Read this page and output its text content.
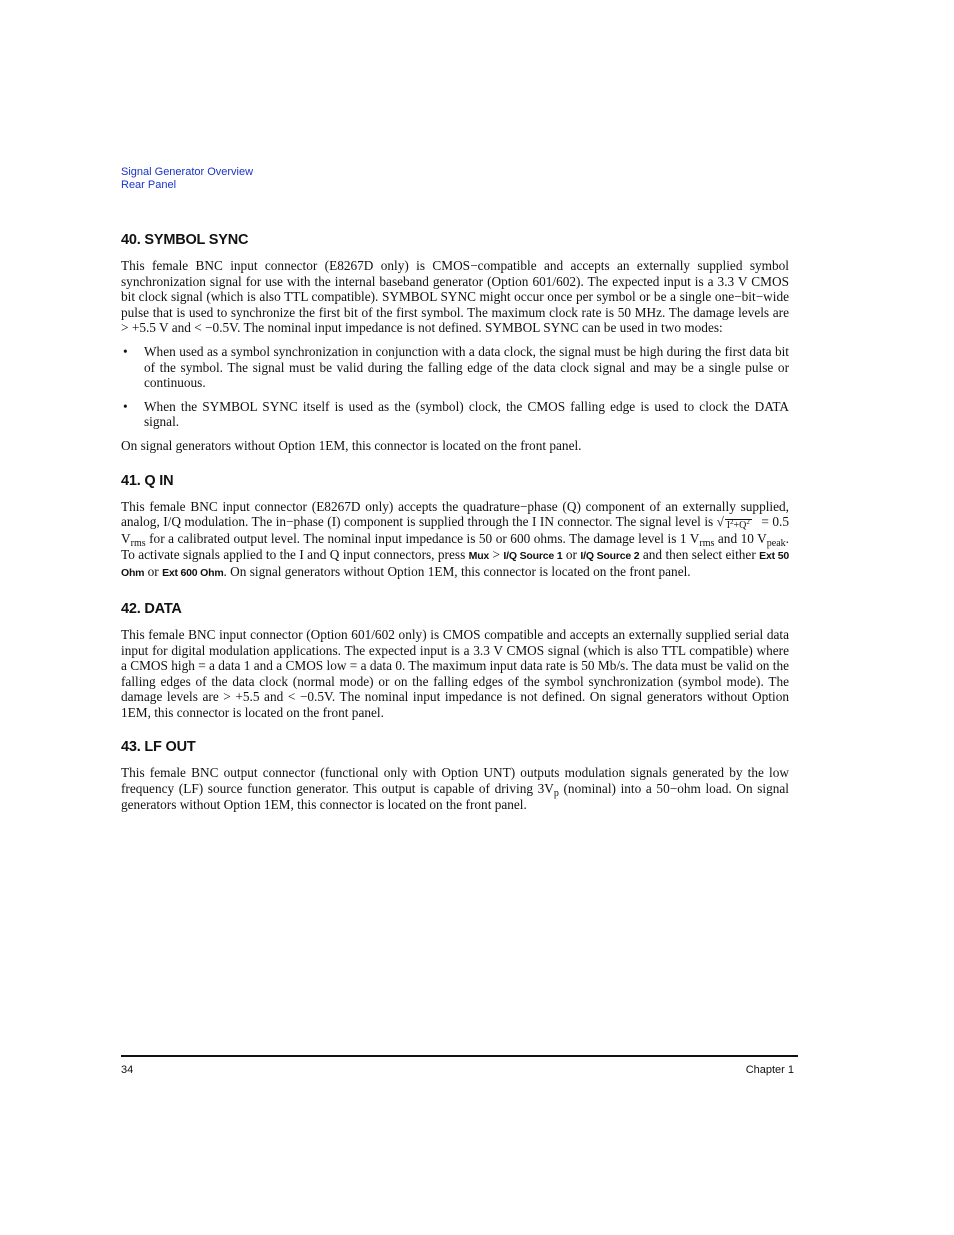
Signal Generator Overview
Rear Panel
40. SYMBOL SYNC

This female BNC input connector (E8267D only) is CMOS−compatible and accepts an externally supplied symbol synchronization signal for use with the internal baseband generator (Option 601/602). The expected input is a 3.3 V CMOS bit clock signal (which is also TTL compatible). SYMBOL SYNC might occur once per symbol or be a single one−bit−wide pulse that is used to synchronize the first bit of the first symbol. The maximum clock rate is 50 MHz. The damage levels are > +5.5 V and < −0.5V. The nominal input impedance is not defined. SYMBOL SYNC can be used in two modes:

• When used as a symbol synchronization in conjunction with a data clock, the signal must be high during the first data bit of the symbol. The signal must be valid during the falling edge of the data clock signal and may be a single pulse or continuous.
• When the SYMBOL SYNC itself is used as the (symbol) clock, the CMOS falling edge is used to clock the DATA signal.

On signal generators without Option 1EM, this connector is located on the front panel.

41. Q IN

This female BNC input connector (E8267D only) accepts the quadrature−phase (Q) component of an externally supplied, analog, I/Q modulation. The in−phase (I) component is supplied through the I IN connector. The signal level is √ $I^2+Q^2 = 0.5$ $V_{rms}$ for a calibrated output level. The nominal input impedance is 50 or 600 ohms. The damage level is 1 $V_{rms}$ and 10 $V_{peak}$. To activate signals applied to the I and Q input connectors, press Mux > I/Q Source 1 or I/Q Source 2 and then select either Ext 50 Ohm or Ext 600 Ohm. On signal generators without Option 1EM, this connector is located on the front panel.

42. DATA

This female BNC input connector (Option 601/602 only) is CMOS compatible and accepts an externally supplied serial data input for digital modulation applications. The expected input is a 3.3 V CMOS signal (which is also TTL compatible) where a CMOS high = a data 1 and a CMOS low = a data 0. The maximum input data rate is 50 Mb/s. The data must be valid on the falling edges of the data clock (normal mode) or on the falling edges of the symbol synchronization (symbol mode). The damage levels are > +5.5 and < −0.5V. The nominal input impedance is not defined. On signal generators without Option 1EM, this connector is located on the front panel.

43. LF OUT

This female BNC output connector (functional only with Option UNT) outputs modulation signals generated by the low frequency (LF) source function generator. This output is capable of driving $3V_p$ (nominal) into a 50−ohm load. On signal generators without Option 1EM, this connector is located on the front panel.

34	Chapter 1
